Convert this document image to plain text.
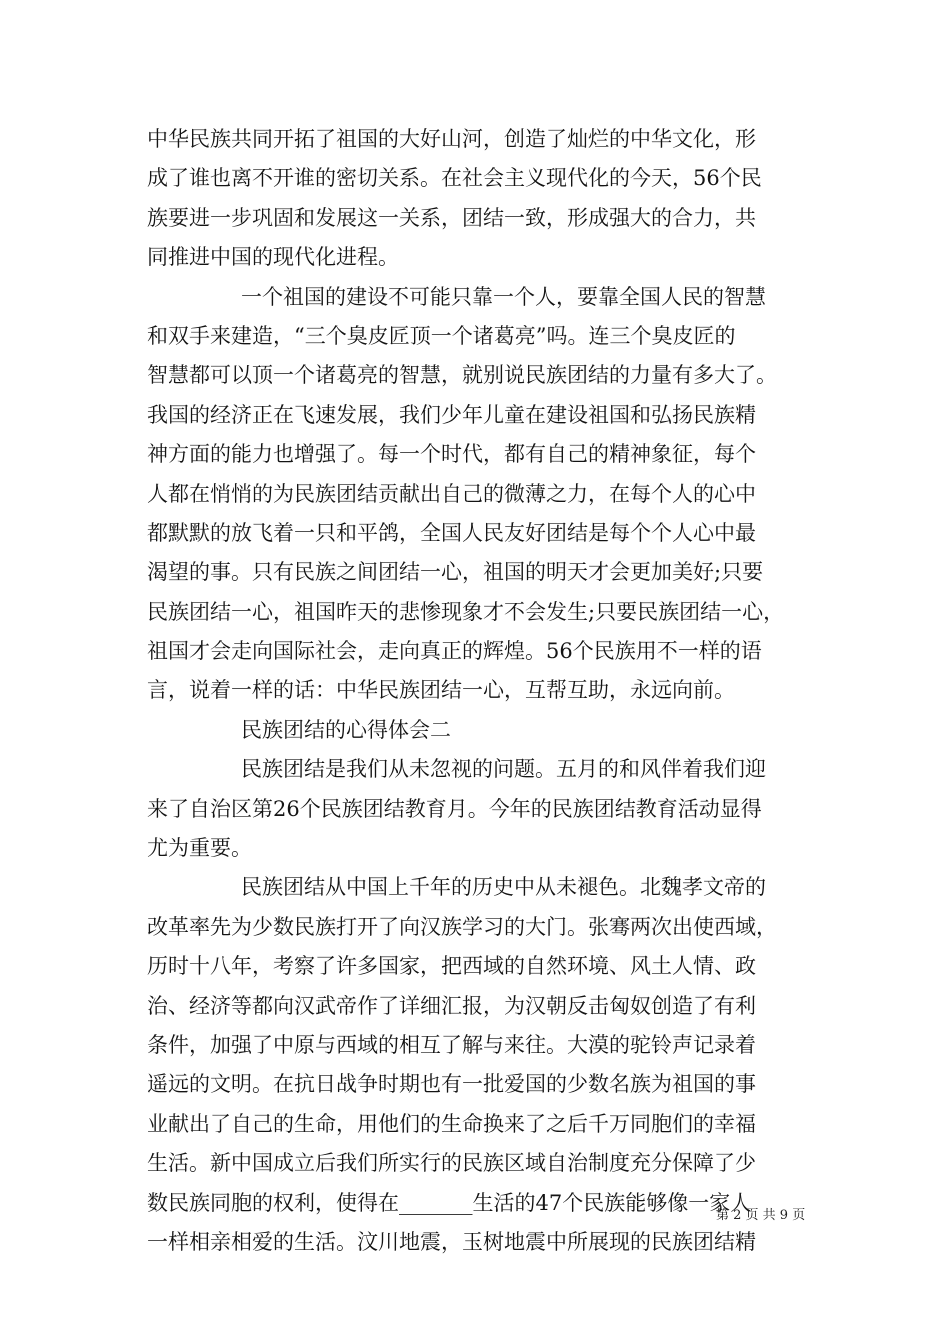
中华民族共同开拓了祖国的大好山河，创造了灿烂的中华文化，形
成了谁也离不开谁的密切关系。在社会主义现代化的今天，56个民
族要进一步巩固和发展这一关系，团结一致，形成强大的合力，共
同推进中国的现代化进程。
一个祖国的建设不可能只靠一个人，要靠全国人民的智慧
和双手来建造，“三个臭皮匠顶一个诸葛亮”吗。连三个臭皮匠的
智慧都可以顶一个诸葛亮的智慧，就别说民族团结的力量有多大了。
我国的经济正在飞速发展，我们少年儿童在建设祖国和弘扬民族精
神方面的能力也增强了。每一个时代，都有自己的精神象征，每个
人都在悄悄的为民族团结贡献出自己的微薄之力，在每个人的心中
都默默的放飞着一只和平鸽，全国人民友好团结是每个个人心中最
渴望的事。只有民族之间团结一心，祖国的明天才会更加美好;只要
民族团结一心，祖国昨天的悲惨现象才不会发生;只要民族团结一心，
祖国才会走向国际社会，走向真正的辉煌。56个民族用不一样的语
言，说着一样的话：中华民族团结一心，互帮互助，永远向前。
民族团结的心得体会二
民族团结是我们从未忽视的问题。五月的和风伴着我们迎
来了自治区第26个民族团结教育月。今年的民族团结教育活动显得
尤为重要。
民族团结从中国上千年的历史中从未褪色。北魏孝文帝的
改革率先为少数民族打开了向汉族学习的大门。张骞两次出使西域，
历时十八年，考察了许多国家，把西域的自然环境、风土人情、政
治、经济等都向汉武帝作了详细汇报，为汉朝反击匈奴创造了有利
条件，加强了中原与西域的相互了解与来往。大漠的驼铃声记录着
遥远的文明。在抗日战争时期也有一批爱国的少数名族为祖国的事
业献出了自己的生命，用他们的生命换来了之后千万同胞们的幸福
生活。新中国成立后我们所实行的民族区域自治制度充分保障了少
数民族同胞的权利，使得在_______生活的47个民族能够像一家人
一样相亲相爱的生活。汶川地震，玉树地震中所展现的民族团结精
第 2 页 共 9 页
